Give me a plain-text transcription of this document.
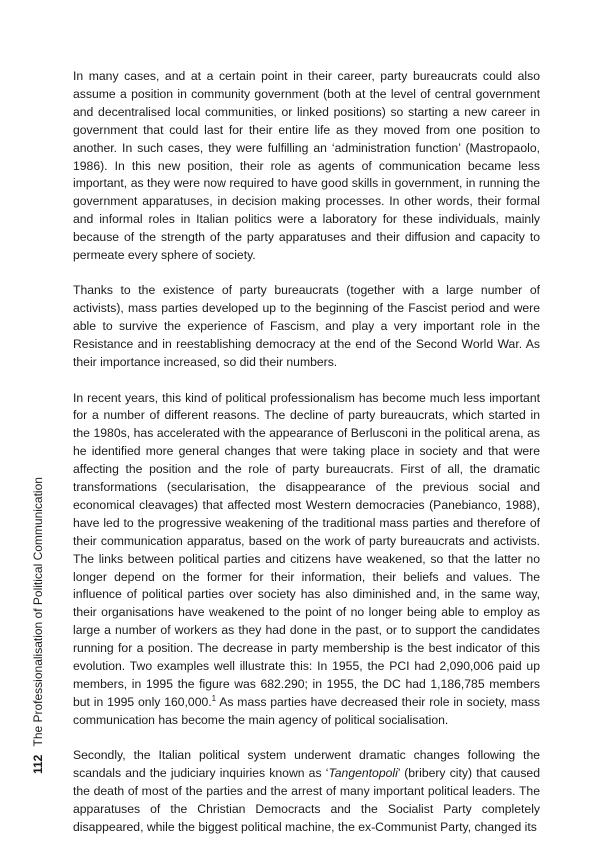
112 The Professionalisation of Political Communication

In many cases, and at a certain point in their career, party bureaucrats could also assume a position in community government (both at the level of central government and decentralised local communities, or linked positions) so starting a new career in government that could last for their entire life as they moved from one position to another. In such cases, they were fulfilling an ‘administration function’ (Mastropaolo, 1986). In this new position, their role as agents of communication became less important, as they were now required to have good skills in government, in running the government apparatuses, in decision making processes. In other words, their formal and informal roles in Italian politics were a laboratory for these individuals, mainly because of the strength of the party apparatuses and their diffusion and capacity to permeate every sphere of society.

Thanks to the existence of party bureaucrats (together with a large number of activists), mass parties developed up to the beginning of the Fascist period and were able to survive the experience of Fascism, and play a very important role in the Resistance and in reestablishing democracy at the end of the Second World War. As their importance increased, so did their numbers.

In recent years, this kind of political professionalism has become much less important for a number of different reasons. The decline of party bureaucrats, which started in the 1980s, has accelerated with the appearance of Berlusconi in the political arena, as he identified more general changes that were taking place in society and that were affecting the position and the role of party bureaucrats. First of all, the dramatic transformations (secularisation, the disappearance of the previous social and economical cleavages) that affected most Western democracies (Panebianco, 1988), have led to the progressive weakening of the traditional mass parties and therefore of their communication apparatus, based on the work of party bureaucrats and activists. The links between political parties and citizens have weakened, so that the latter no longer depend on the former for their information, their beliefs and values. The influence of political parties over society has also diminished and, in the same way, their organisations have weakened to the point of no longer being able to employ as large a number of workers as they had done in the past, or to support the candidates running for a position. The decrease in party membership is the best indicator of this evolution. Two examples well illustrate this: In 1955, the PCI had 2,090,006 paid up members, in 1995 the figure was 682.290; in 1955, the DC had 1,186,785 members but in 1995 only 160,000.$^1$ As mass parties have decreased their role in society, mass communication has become the main agency of political socialisation.

Secondly, the Italian political system underwent dramatic changes following the scandals and the judiciary inquiries known as ‘Tangentopoli’ (bribery city) that caused the death of most of the parties and the arrest of many important political leaders. The apparatuses of the Christian Democracts and the Socialist Party completely disappeared, while the biggest political machine, the ex-Communist Party, changed its
